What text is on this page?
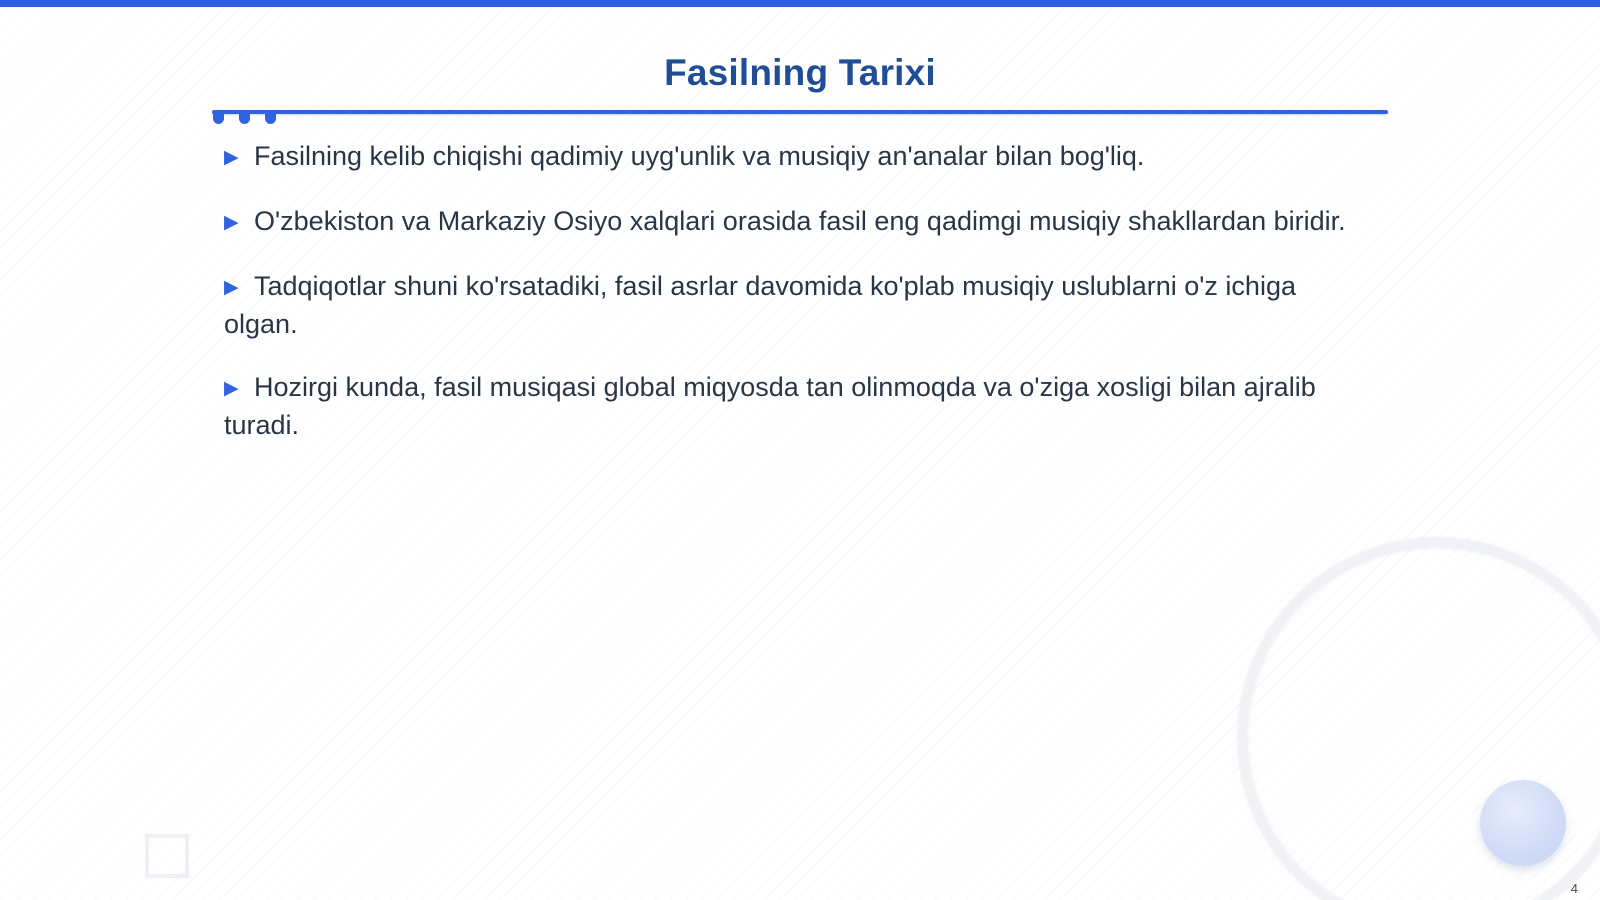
Fasilning Tarixi
▶ Fasilning kelib chiqishi qadimiy uyg'unlik va musiqiy an'analar bilan bog'liq.
▶ O'zbekiston va Markaziy Osiyo xalqlari orasida fasil eng qadimgi musiqiy shakllardan biridir.
▶ Tadqiqotlar shuni ko'rsatadiki, fasil asrlar davomida ko'plab musiqiy uslublarni o'z ichiga olgan.
▶ Hozirgi kunda, fasil musiqasi global miqyosda tan olinmoqda va o'ziga xosligi bilan ajralib turadi.
4
